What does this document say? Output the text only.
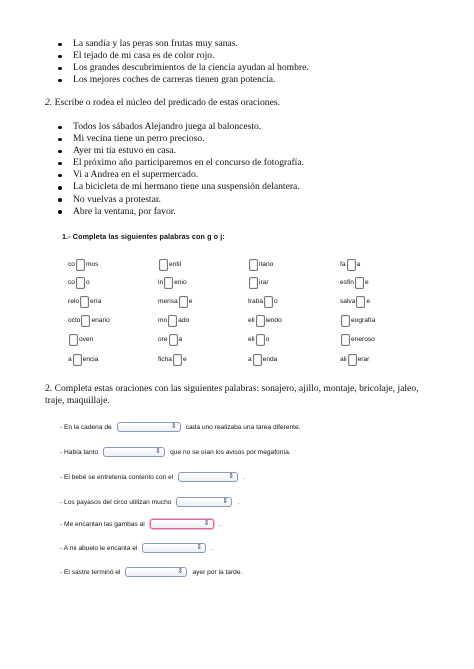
La sandía y las peras son frutas muy sanas.
El tejado de mi casa es de color rojo.
Los grandes descubrimientos de la ciencia ayudan al hombre.
Los mejores coches de carreras tienen gran potencia.
2. Escribe o rodea el núcleo del predicado de estas oraciones.
Todos los sábados Alejandro juega al baloncesto.
Mi vecina tiene un perro precioso.
Ayer mi tía estuvo en casa.
El próximo año participaremos en el concurso de fotografía.
Vi a Andrea en el supermercado.
La bicicleta de mi hermano tiene una suspensión delantera.
No vuelvas a protestar.
Abre la ventana, por favor.
1.- Completa las siguientes palabras con g o j:
co mos	entil	itano	fa a
co o	in enio	irar	esfin e
relo ería	mensa e	traba o	salva e
octo enario	mo ado	eli iendo	eografía
oven	ore a	eli o	eneroso
a encia	ficha e	a enda	ali erar
2. Completa estas oraciones con las siguientes palabras: sonajero, ajillo, montaje, bricolaje, jaleo,
traje, maquillaje.
- En la cadena de	⇕ cada uno realizaba una tarea diferente.
- Había tanto	⇕ que no se oían los avisos por megafonía.
- El bebé se entretenía contento con el	⇕ .
- Los payasos del circo utilizan mucho	⇕ .
- Me encantan las gambas al	⇕ .
- A mi abuelo le encanta el	⇕ .
- El sastre terminó el	⇕ ayer por la tarde.
